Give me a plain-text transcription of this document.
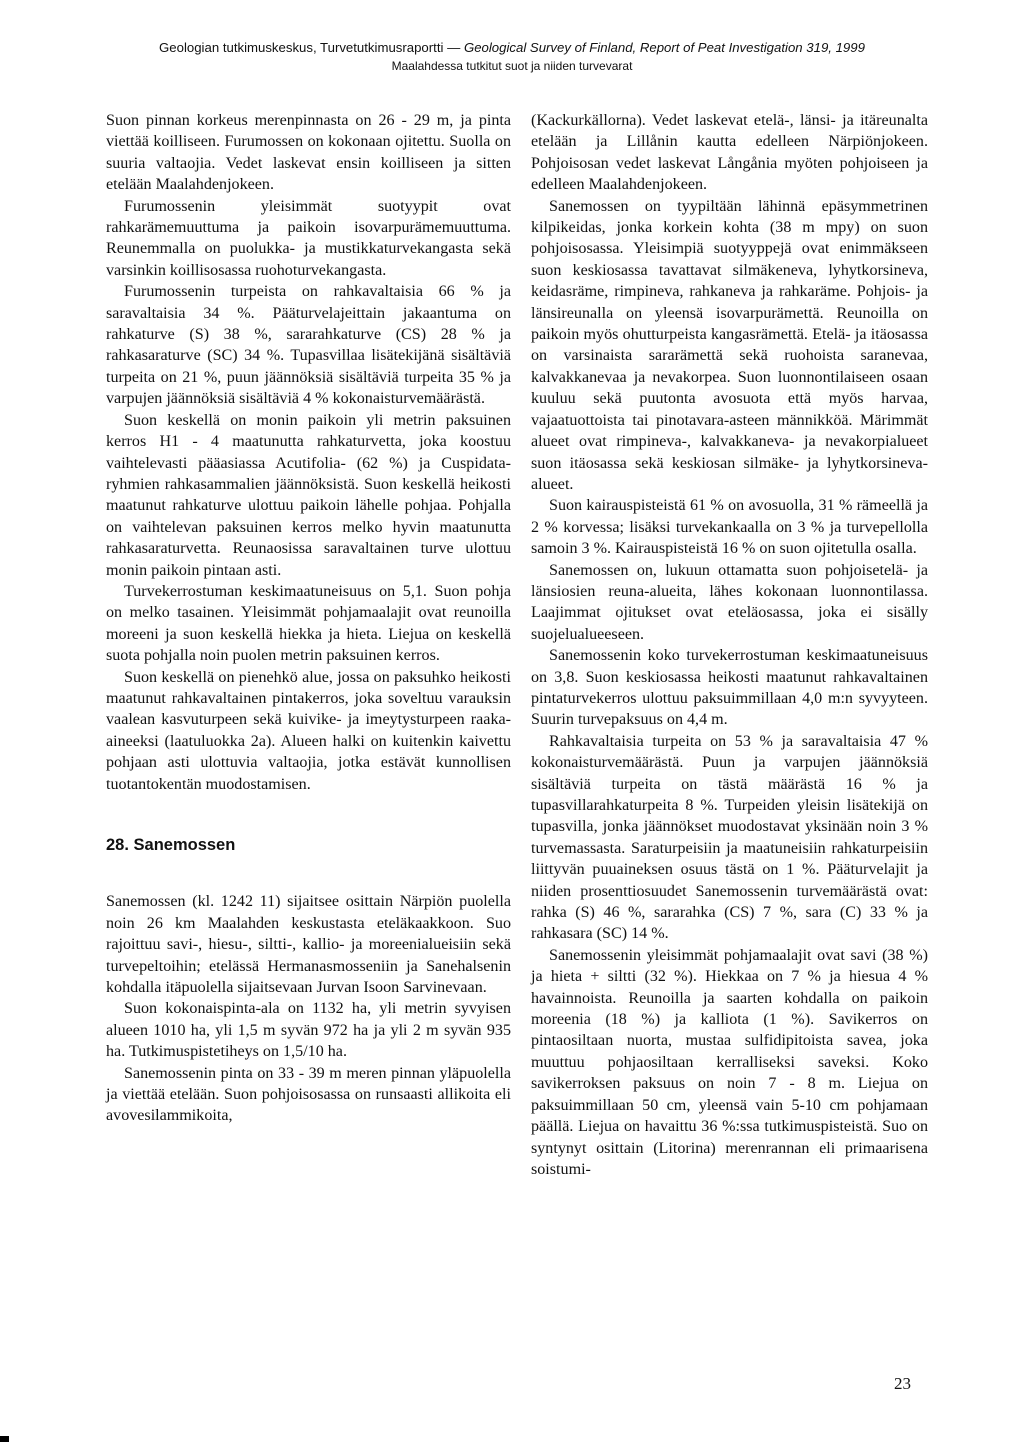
Geologian tutkimuskeskus, Turvetutkimusraportti — Geological Survey of Finland, Report of Peat Investigation 319, 1999
Maalahdessa tutkitut suot ja niiden turvevarat

Suon pinnan korkeus merenpinnasta on 26 - 29 m, ja pinta viettää koilliseen. Furumossen on kokonaan ojitettu. Suolla on suuria valtaojia. Vedet laskevat ensin koilliseen ja sitten etelään Maalahdenjokeen.

Furumossenin yleisimmät suotyypit ovat rahkarämemuuttuma ja paikoin isovarpurämemuuttuma. Reunemmalla on puolukka- ja mustikkaturvekangasta sekä varsinkin koillisosassa ruohoturvekangasta.

Furumossenin turpeista on rahkavaltaisia 66 % ja saravaltaisia 34 %. Pääturvelajeittain jakaantuma on rahkaturve (S) 38 %, sararahkaturve (CS) 28 % ja rahkasaraturve (SC) 34 %. Tupasvillaa lisätekijänä sisältäviä turpeita on 21 %, puun jäännöksiä sisältäviä turpeita 35 % ja varpujen jäännöksiä sisältäviä 4 % kokonaisturvemäärästä.

Suon keskellä on monin paikoin yli metrin paksuinen kerros H1 - 4 maatunutta rahkaturvetta, joka koostuu vaihtelevasti pääasiassa Acutifolia- (62 %) ja Cuspidata-ryhmien rahkasammalien jäännöksistä. Suon keskellä heikosti maatunut rahkaturve ulottuu paikoin lähelle pohjaa. Pohjalla on vaihtelevan paksuinen kerros melko hyvin maatunutta rahkasaraturvetta. Reunaosissa saravaltainen turve ulottuu monin paikoin pintaan asti.

Turvekerrostuman keskimaatuneisuus on 5,1. Suon pohja on melko tasainen. Yleisimmät pohjamaalajit ovat reunoilla moreeni ja suon keskellä hiekka ja hieta. Liejua on keskellä suota pohjalla noin puolen metrin paksuinen kerros.

Suon keskellä on pienehkö alue, jossa on paksuhko heikosti maatunut rahkavaltainen pintakerros, joka soveltuu varauksin vaalean kasvuturpeen sekä kuivike- ja imeytysturpeen raaka-aineeksi (laatuluokka 2a). Alueen halki on kuitenkin kaivettu pohjaan asti ulottuvia valtaojia, jotka estävät kunnollisen tuotantokentän muodostamisen.

28. Sanemossen

Sanemossen (kl. 1242 11) sijaitsee osittain Närpiön puolella noin 26 km Maalahden keskustasta eteläkaakkoon. Suo rajoittuu savi-, hiesu-, siltti-, kallio- ja moreenialueisiin sekä turvepeltoihin; etelässä Hermanasmosseniin ja Sanehalsenin kohdalla itäpuolella sijaitsevaan Jurvan Isoon Sarvinevaan.

Suon kokonaispinta-ala on 1132 ha, yli metrin syvyisen alueen 1010 ha, yli 1,5 m syvän 972 ha ja yli 2 m syvän 935 ha. Tutkimuspistetiheys on 1,5/10 ha.

Sanemossenin pinta on 33 - 39 m meren pinnan yläpuolella ja viettää etelään. Suon pohjoisosassa on runsaasti allikoita eli avovesilammikoita,

(Kackurkällorna). Vedet laskevat etelä-, länsi- ja itäreunalta etelään ja Lillånin kautta edelleen Närpiönjokeen. Pohjoisosan vedet laskevat Långånia myöten pohjoiseen ja edelleen Maalahdenjokeen.

Sanemossen on tyypiltään lähinnä epäsymmetrinen kilpikeidas, jonka korkein kohta (38 m mpy) on suon pohjoisosassa. Yleisimpiä suotyyppejä ovat enimmäkseen suon keskiosassa tavattavat silmäkeneva, lyhytkorsineva, keidasräme, rimpineva, rahkaneva ja rahkaräme. Pohjois- ja länsireunalla on yleensä isovarpurämettä. Reunoilla on paikoin myös ohutturpeista kangasrämettä. Etelä- ja itäosassa on varsinaista sararämettä sekä ruohoista saranevaa, kalvakkanevaa ja nevakorpea. Suon luonnontilaiseen osaan kuuluu sekä puutonta avosuota että myös harvaa, vajaatuottoista tai pinotavara-asteen männikköä. Märimmät alueet ovat rimpineva-, kalvakkaneva- ja nevakorpialueet suon itäosassa sekä keskiosan silmäke- ja lyhytkorsineva-alueet.

Suon kairauspisteistä 61 % on avosuolla, 31 % rämeellä ja 2 % korvessa; lisäksi turvekankaalla on 3 % ja turvepellolla samoin 3 %. Kairauspisteistä 16 % on suon ojitetulla osalla.

Sanemossen on, lukuun ottamatta suon pohjoisetelä- ja länsiosien reuna-alueita, lähes kokonaan luonnontilassa. Laajimmat ojitukset ovat eteläosassa, joka ei sisälly suojelualueeseen.

Sanemossenin koko turvekerrostuman keskimaatuneisuus on 3,8. Suon keskiosassa heikosti maatunut rahkavaltainen pintaturvekerros ulottuu paksuimmillaan 4,0 m:n syvyyteen. Suurin turvepaksuus on 4,4 m.

Rahkavaltaisia turpeita on 53 % ja saravaltaisia 47 % kokonaisturvemäärästä. Puun ja varpujen jäännöksiä sisältäviä turpeita on tästä määrästä 16 % ja tupasvillarahkaturpeita 8 %. Turpeiden yleisin lisätekijä on tupasvilla, jonka jäännökset muodostavat yksinään noin 3 % turvemassasta. Saraturpeisiin ja maatuneisiin rahkaturpeisiin liittyvän puuaineksen osuus tästä on 1 %. Pääturvelajit ja niiden prosenttiosuudet Sanemossenin turvemäärästä ovat: rahka (S) 46 %, sararahka (CS) 7 %, sara (C) 33 % ja rahkasara (SC) 14 %.

Sanemossenin yleisimmät pohjamaalajit ovat savi (38 %) ja hieta + siltti (32 %). Hiekkaa on 7 % ja hiesua 4 % havainnoista. Reunoilla ja saarten kohdalla on paikoin moreenia (18 %) ja kalliota (1 %). Savikerros on pintaosiltaan nuorta, mustaa sulfidipitoista savea, joka muuttuu pohjaosiltaan kerralliseksi saveksi. Koko savikerroksen paksuus on noin 7 - 8 m. Liejua on paksuimmillaan 50 cm, yleensä vain 5-10 cm pohjamaan päällä. Liejua on havaittu 36 %:ssa tutkimuspisteistä. Suo on syntynyt osittain (Litorina) merenrannan eli primaarisena soistumi-

23
